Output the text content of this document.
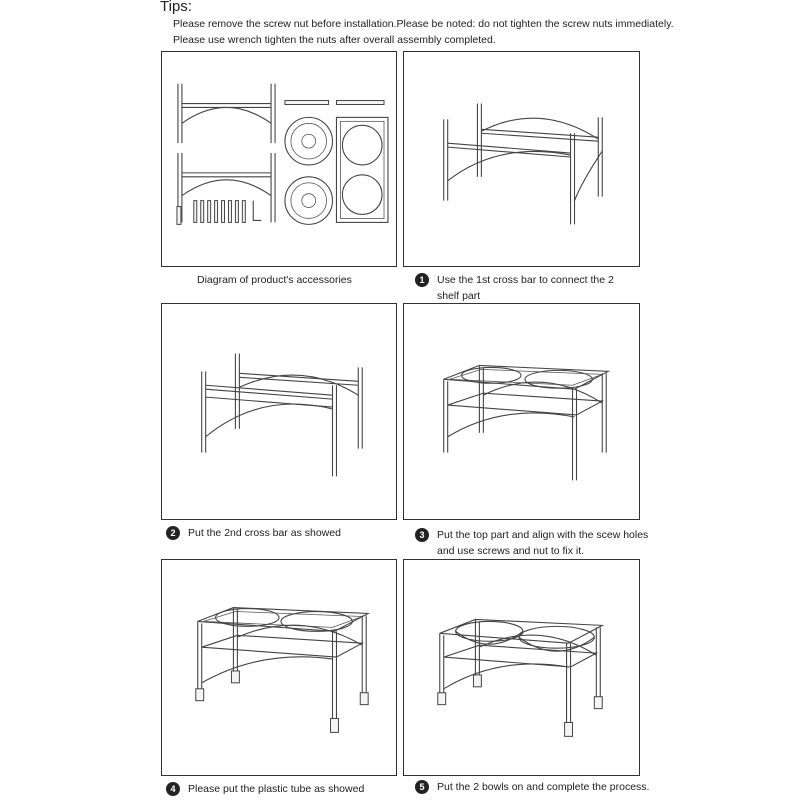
Tips:
Please remove the screw nut before installation.Please be noted: do not tighten the screw nuts immediately.
Please use wrench tighten the nuts after overall assembly completed.
Diagram of product's accessories	1 Use the 1st cross bar to connect the 2
shelf part
2 Put the 2nd cross bar as showed	3 Put the top part and align with the scew holes
and use screws and nut to fix it.
4 Please put the plastic tube as showed	5 Put the 2 bowls on and complete the process.
